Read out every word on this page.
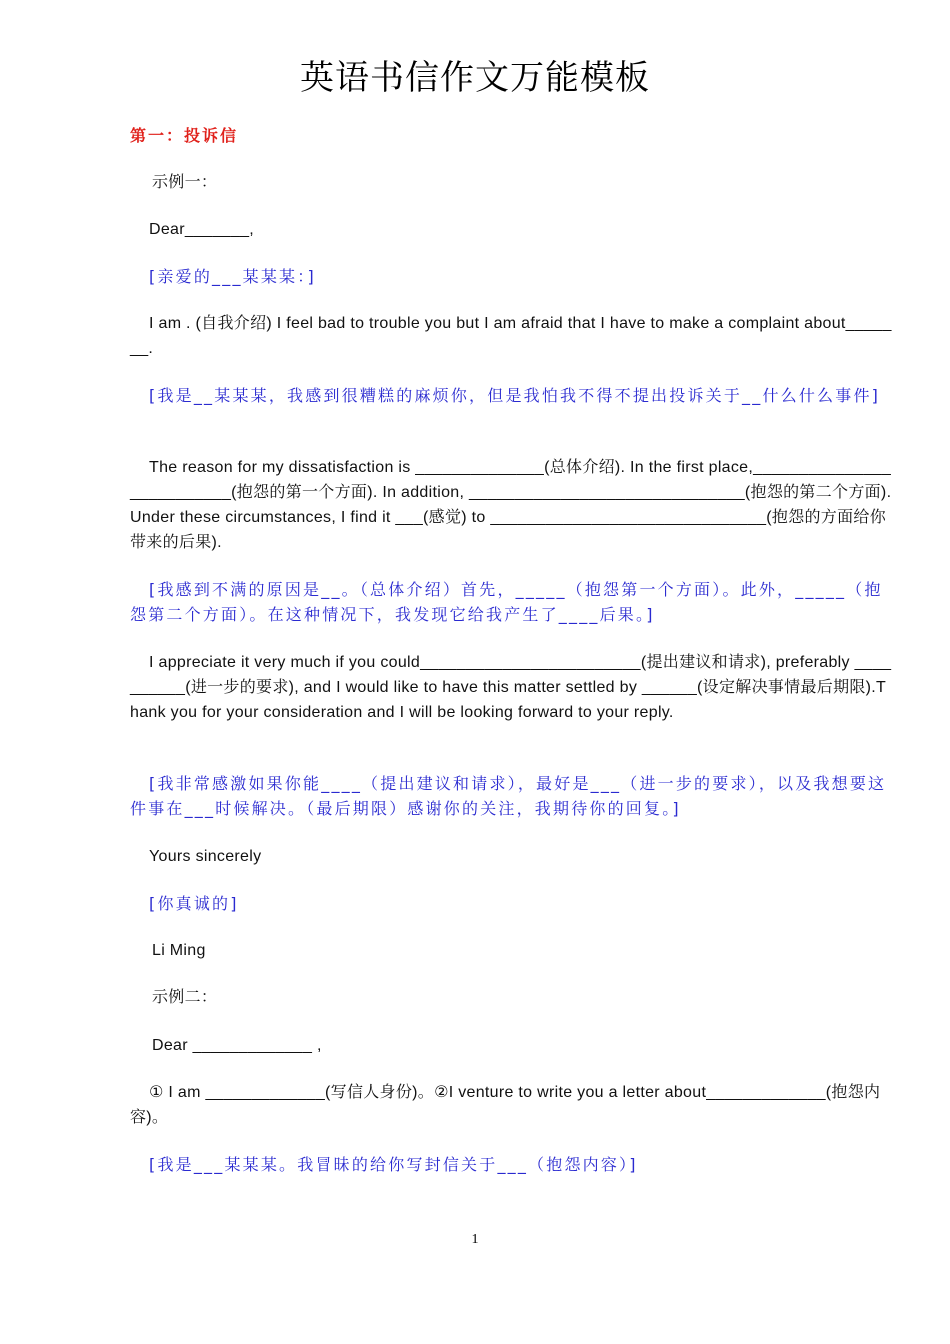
英语书信作文万能模板
第一：投诉信
示例一：
Dear_______,
[亲爱的___某某某：]
I am . (自我介绍) I feel bad to trouble you but I am afraid that I have to make a complaint about_______.
[我是__某某某，我感到很糟糕的麻烦你，但是我怕我不得不提出投诉关于__什么什么事件]
The reason for my dissatisfaction is ______________(总体介绍). In the first place,__________________________(抱怨的第一个方面). In addition, ______________________________(抱怨的第二个方面). Under these circumstances, I find it ___(感觉) to ______________________________(抱怨的方面给你带来的后果).
[我感到不满的原因是__。（总体介绍）首先，_____（抱怨第一个方面）。此外，_____（抱怨第二个方面）。在这种情况下，我发现它给我产生了____后果。]
I appreciate it very much if you could________________________(提出建议和请求), preferably __________(进一步的要求), and I would like to have this matter settled by ______(设定解决事情最后期限).Thank you for your consideration and I will be looking forward to your reply.
[我非常感激如果你能____（提出建议和请求），最好是___（进一步的要求），以及我想要这件事在___时候解决。（最后期限）感谢你的关注，我期待你的回复。]
Yours sincerely
[你真诚的]
Li Ming
示例二：
Dear _____________ ,
① I am _____________(写信人身份)。②I venture to write you a letter about_____________(抱怨内容)。
[我是___某某某。我冒昧的给你写封信关于___（抱怨内容）]
1
